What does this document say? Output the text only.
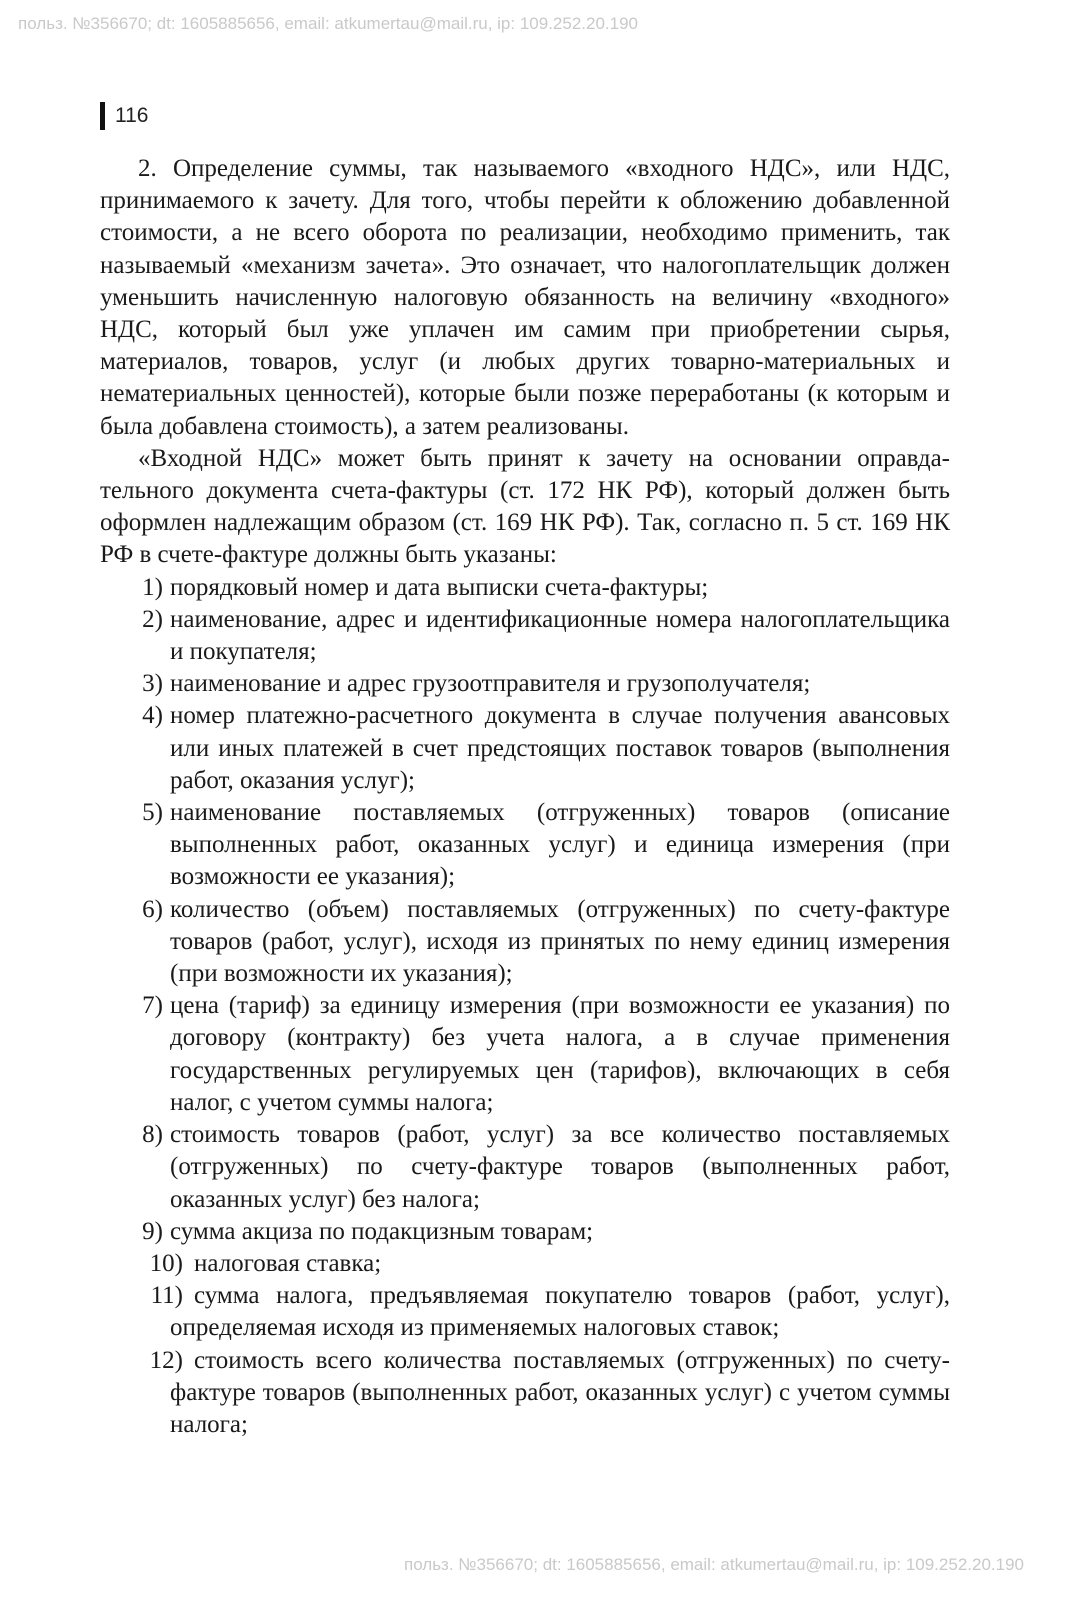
польз. №356670; dt: 1605885656, email: atkumertau@mail.ru, ip: 109.252.20.190
116

2. Определение суммы, так называемого «входного НДС», или НДС, принимаемого к зачету. Для того, чтобы перейти к обложению добавленной стоимости, а не всего оборота по реализации, необходимо применить, так называемый «механизм зачета». Это означает, что налогоплательщик должен уменьшить начисленную налоговую обязанность на величину «входного» НДС, который был уже уплачен им самим при приобретении сырья, материалов, товаров, услуг (и любых других товарно-материальных и нематериальных ценностей), которые были позже переработаны (к которым и была добавлена стоимость), а затем реализованы.

«Входной НДС» может быть принят к зачету на основании оправдательного документа счета-фактуры (ст. 172 НК РФ), который должен быть оформлен надлежащим образом (ст. 169 НК РФ). Так, согласно п. 5 ст. 169 НК РФ в счете-фактуре должны быть указаны:

1) порядковый номер и дата выписки счета-фактуры;
2) наименование, адрес и идентификационные номера налогоплательщика и покупателя;
3) наименование и адрес грузоотправителя и грузополучателя;
4) номер платежно-расчетного документа в случае получения авансовых или иных платежей в счет предстоящих поставок товаров (выполнения работ, оказания услуг);
5) наименование поставляемых (отгруженных) товаров (описание выполненных работ, оказанных услуг) и единица измерения (при возможности ее указания);
6) количество (объем) поставляемых (отгруженных) по счету-фактуре товаров (работ, услуг), исходя из принятых по нему единиц измерения (при возможности их указания);
7) цена (тариф) за единицу измерения (при возможности ее указания) по договору (контракту) без учета налога, а в случае применения государственных регулируемых цен (тарифов), включающих в себя налог, с учетом суммы налога;
8) стоимость товаров (работ, услуг) за все количество поставляемых (отгруженных) по счету-фактуре товаров (выполненных работ, оказанных услуг) без налога;
9) сумма акциза по подакцизным товарам;
10) налоговая ставка;
11) сумма налога, предъявляемая покупателю товаров (работ, услуг), определяемая исходя из применяемых налоговых ставок;
12) стоимость всего количества поставляемых (отгруженных) по счету-фактуре товаров (выполненных работ, оказанных услуг) с учетом суммы налога;
польз. №356670; dt: 1605885656, email: atkumertau@mail.ru, ip: 109.252.20.190
